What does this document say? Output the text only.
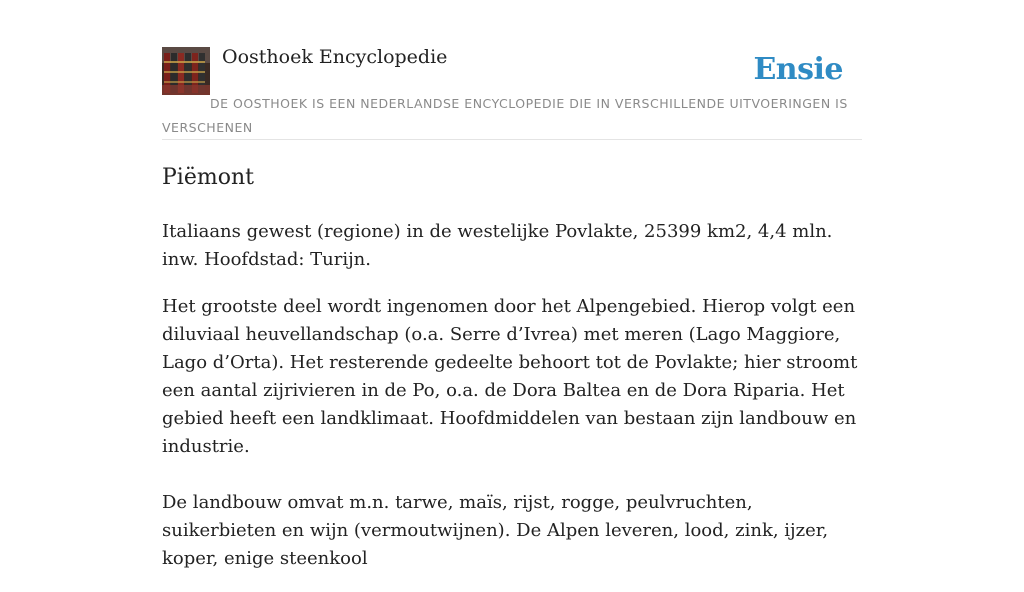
Oosthoek Encyclopedie	Ensie
DE OOSTHOEK IS EEN NEDERLANDSE ENCYCLOPEDIE DIE IN VERSCHILLENDE UITVOERINGEN IS VERSCHENEN
Piëmont

Italiaans gewest (regione) in de westelijke Povlakte, 25399 km2, 4,4 mln. inw. Hoofdstad: Turijn.

Het grootste deel wordt ingenomen door het Alpengebied. Hierop volgt een diluviaal heuvellandschap (o.a. Serre d’Ivrea) met meren (Lago Maggiore, Lago d’Orta). Het resterende gedeelte behoort tot de Povlakte; hier stroomt een aantal zijrivieren in de Po, o.a. de Dora Baltea en de Dora Riparia. Het gebied heeft een landklimaat. Hoofdmiddelen van bestaan zijn landbouw en industrie.

De landbouw omvat m.n. tarwe, maïs, rijst, rogge, peulvruchten, suikerbieten en wijn (vermoutwijnen). De Alpen leveren, lood, zink, ijzer, koper, enige steenkool
